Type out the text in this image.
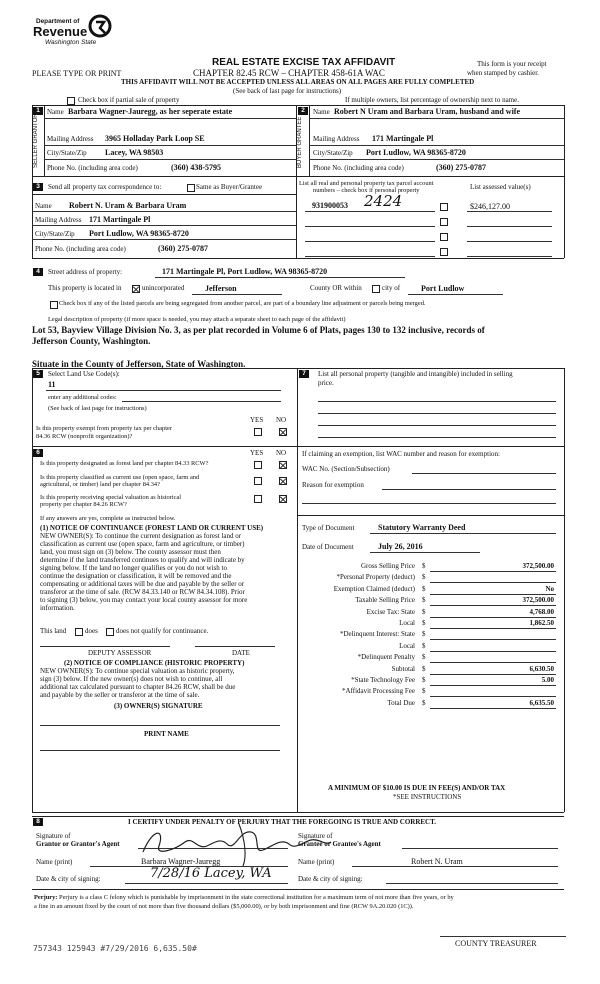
Department of
Revenue
Washington State
REAL ESTATE EXCISE TAX AFFIDAVIT
PLEASE TYPE OR PRINT	CHAPTER 82.45 RCW – CHAPTER 458-61A WAC
This form is your receipt
when stamped by cashier.
THIS AFFIDAVIT WILL NOT BE ACCEPTED UNLESS ALL AREAS ON ALL PAGES ARE FULLY COMPLETED
(See back of last page for instructions)
Check box if partial sale of property	If multiple owners, list percentage of ownership next to name.
1
SELLER GRANTOR
Name Barbara Wagner-Jauregg, as her seperate estate
Mailing Address 3965 Holladay Park Loop SE
City/State/Zip Lacey, WA 98503
Phone No. (including area code)	(360) 438-5795
2
BUYER GRANTEE
Name Robert N Uram and Barbara Uram, husband and wife
Mailing Address 171 Martingale Pl
City/State/Zip Port Ludlow, WA 98365-8720
Phone No. (including area code)	(360) 275-0787
3	Send all property tax correspondence to:	Same as Buyer/Grantee
Name Robert N. Uram & Barbara Uram
Mailing Address 171 Martingale Pl
City/State/Zip Port Ludlow, WA 98365-8720
Phone No. (including area code)	(360) 275-0787
List all real and personal property tax parcel account
numbers – check box if personal property	List assessed value(s)
931900053 2424	$246,127.00
4	Street address of property:	171 Martingale Pl, Port Ludlow, WA 98365-8720
This property is located in	unincorporated	Jefferson	County OR within	city of	Port Ludlow
Check box if any of the listed parcels are being segregated from another parcel, are part of a boundary line adjustment or parcels being merged.
Legal description of property (if more space is needed, you may attach a separate sheet to each page of the affidavit)
Lot 53, Bayview Village Division No. 3, as per plat recorded in Volume 6 of Plats, pages 130 to 132 inclusive, records of
Jefferson County, Washington.
Situate in the County of Jefferson, State of Washington.
5	Select Land Use Code(s):
11
enter any additional codes:
(See back of last page for instructions)
YES NO
Is this property exempt from property tax per chapter
84.36 RCW (nonprofit organization)?
6	YES NO
Is this property designated as forest land per chapter 84.33 RCW?
Is this property classified as current use (open space, farm and
agricultural, or timber) land per chapter 84.34?
Is this property receiving special valuation as historical
property per chapter 84.26 RCW?
If any answers are yes, complete as instructed below.
(1) NOTICE OF CONTINUANCE (FOREST LAND OR CURRENT USE)
NEW OWNER(S): To continue the current designation as forest land or
classification as current use (open space, farm and agriculture, or timber)
land, you must sign on (3) below. The county assessor must then
determine if the land transferred continues to qualify and will indicate by
signing below. If the land no longer qualifies or you do not wish to
continue the designation or classification, it will be removed and the
compensating or additional taxes will be due and payable by the seller or
transferor at the time of sale. (RCW 84.33.140 or RCW 84.34.108). Prior
to signing (3) below, you may contact your local county assessor for more
information.
This land	does	does not qualify for continuance.
DEPUTY ASSESSOR	DATE
(2) NOTICE OF COMPLIANCE (HISTORIC PROPERTY)
NEW OWNER(S): To continue special valuation as historic property,
sign (3) below. If the new owner(s) does not wish to continue, all
additional tax calculated pursuant to chapter 84.26 RCW, shall be due
and payable by the seller or transferor at the time of sale.
(3) OWNER(S) SIGNATURE
PRINT NAME
7	List all personal property (tangible and intangible) included in selling
price.
If claiming an exemption, list WAC number and reason for exemption:
WAC No. (Section/Subsection)
Reason for exemption
Type of Document	Statutory Warranty Deed
Date of Document	July 26, 2016
Gross Selling Price $	372,500.00
*Personal Property (deduct) $
Exemption Claimed (deduct) $	No
Taxable Selling Price $	372,500.00
Excise Tax: State $	4,768.00
Local $	1,862.50
*Delinquent Interest: State $
Local $
*Delinquent Penalty $
Subtotal $	6,630.50
*State Technology Fee $	5.00
*Affidavit Processing Fee $
Total Due $	6,635.50
A MINIMUM OF $10.00 IS DUE IN FEE(S) AND/OR TAX
*SEE INSTRUCTIONS
8	I CERTIFY UNDER PENALTY OF PERJURY THAT THE FOREGOING IS TRUE AND CORRECT.
Signature of
Grantor or Grantor's Agent
Signature of
Grantee or Grantee's Agent
Name (print)	Barbara Wagner-Jauregg	Name (print)	Robert N. Uram
Date & city of signing:	7/28/16 Lacey, WA	Date & city of signing:
Perjury: Perjury is a class C felony which is punishable by imprisonment in the state correctional institution for a maximum term of not more than five years, or by
a fine in an amount fixed by the court of not more than five thousand dollars ($5,000.00), or by both imprisonment and fine (RCW 9A.20.020 (1C)).
757343 125943 #7/29/2016 6,635.50#
COUNTY TREASURER
